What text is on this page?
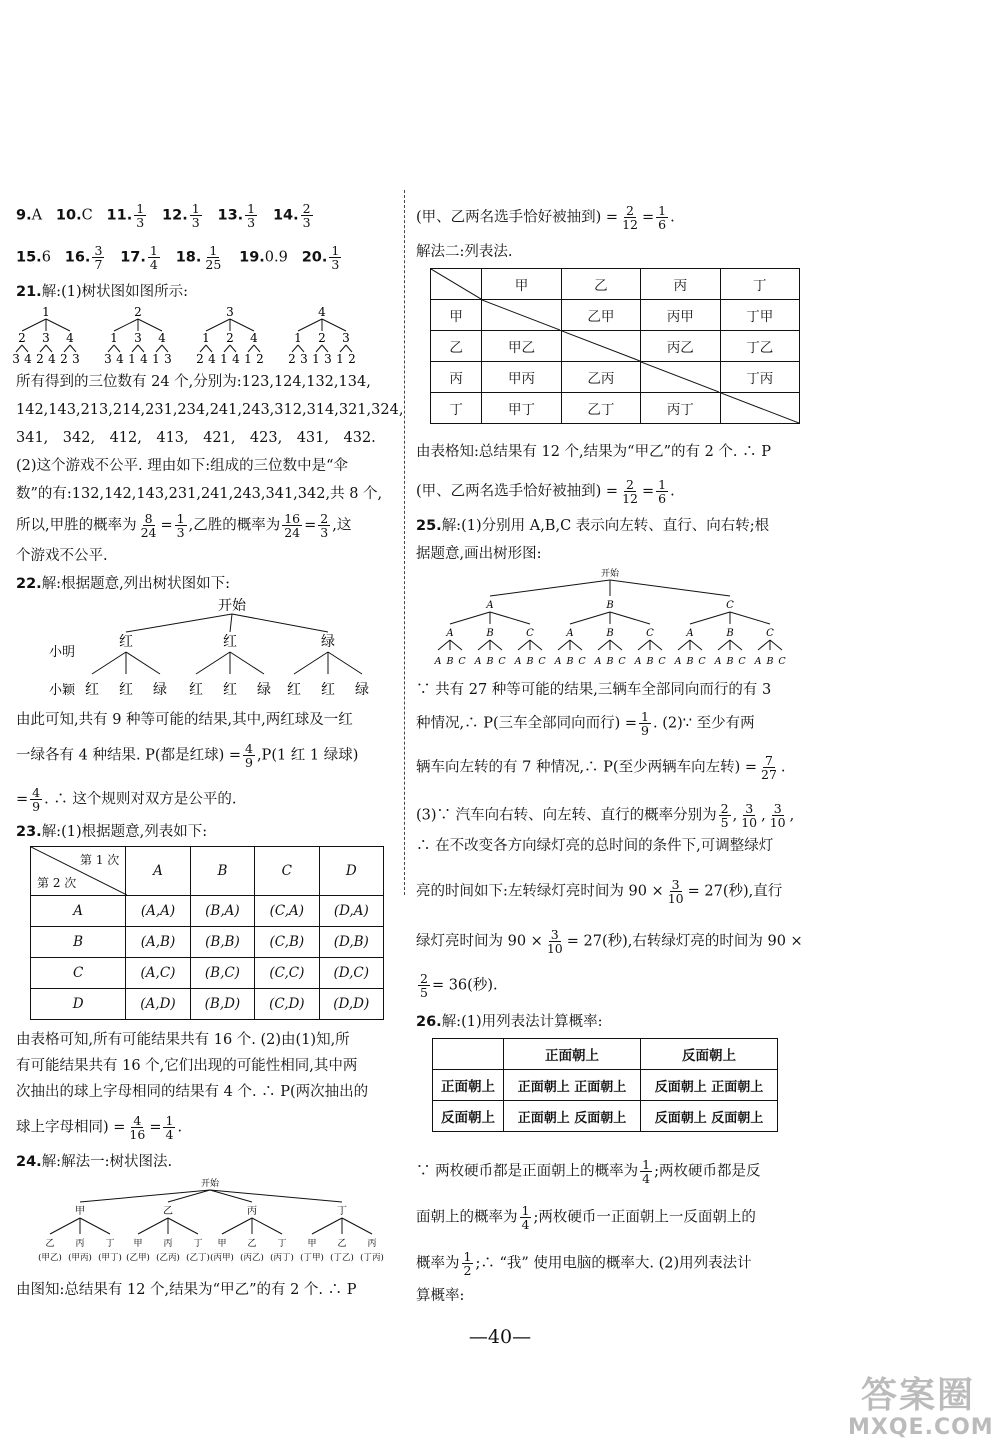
9.A 10.C 11. $\frac{1}{3} 12$. $\frac{1}{3} 13$. $\frac{1}{3} 14$. $\frac{2}{3}$
15.6 16. $\frac{3}{7} 17$. $\frac{1}{4} 18$. $\frac{1}{25} 19.0.9$ 20. $\frac{1}{3}$
21.解:(1)树状图如图所示:
1
2
3 4
3
2 4
4
2 3
2
1
3 4
3
1 4
4
1 3
3
1
2 4
2
1 4
4
1 2
4
1
2 3
2
1 3
3
1 2
所有得到的三位数有 24 个,分别为:123,124,132,134,
142,143,213,214,231,234,241,243,312,314,321,324,
341,　342,　412,　413,　421,　423,　431,　432.
(2)这个游戏不公平. 理由如下:组成的三位数中是“伞
数”的有:132,142,143,231,241,243,341,342,共 8 个,
所以,甲胜的概率为 $\frac{8}{24} = \frac{1}{3}$ ,乙胜的概率为 $\frac{16}{24} = \frac{2}{3}$ ,这
个游戏不公平.
22.解:根据题意,列出树状图如下:
开始
小明
小颖
红
红 红 绿
红
红 红 绿
绿
红 红 绿
由此可知,共有 9 种等可能的结果,其中,两红球及一红
一绿各有 4 种结果. P(都是红球) = $\frac{4}{9} ,P(1$ 红 1 绿球)
= $\frac{4}{9}$ . ∴ 这个规则对双方是公平的.
23.解:(1)根据题意,列表如下:
第 1 次
第 2 次	A	B	C	D
A	(A,A)	(B,A)	(C,A)	(D,A)
B	(A,B)	(B,B)	(C,B)	(D,B)
C	(A,C)	(B,C)	(C,C)	(D,C)
D	(A,D)	(B,D)	(C,D)	(D,D)
由表格可知,所有可能结果共有 16 个. (2)由(1)知,所
有可能结果共有 16 个,它们出现的可能性相同,其中两
次抽出的球上字母相同的结果有 4 个. ∴ P(两次抽出的
球上字母相同) = $\frac{4}{16} = \frac{1}{4}$ .
24.解:解法一:树状图法.
开始
甲
乙
(甲乙)
丙
(甲丙)
丁
(甲丁)
乙
甲
(乙甲)
丙
(乙丙)
丁
(乙丁)
丙
甲
(丙甲)
乙
(丙乙)
丁
(丙丁)
丁
甲
(丁甲)
乙
(丁乙)
丙
(丁丙)
由图知:总结果有 12 个,结果为“甲乙”的有 2 个. ∴ P
(甲、乙两名选手恰好被抽到) = $\frac{2}{12} = \frac{1}{6}$ .
解法二:列表法.
	甲	乙	丙	丁
甲		乙甲	丙甲	丁甲
乙	甲乙		丙乙	丁乙
丙	甲丙	乙丙		丁丙
丁	甲丁	乙丁	丙丁	
由表格知:总结果有 12 个,结果为“甲乙”的有 2 个. ∴ P
(甲、乙两名选手恰好被抽到) = $\frac{2}{12} = \frac{1}{6}$ .
25.解:(1)分别用 A,B,C 表示向左转、直行、向右转;根
据题意,画出树形图:
开始
A
A
A B C
B
A B C
C
A B C
B
A
A B C
B
A B C
C
A B C
C
A
A B C
B
A B C
C
A B C
∵ 共有 27 种等可能的结果,三辆车全部同向而行的有 3
种情况,∴ P(三车全部同向而行) = $\frac{1}{9}$ . (2)∵ 至少有两
辆车向左转的有 7 种情况,∴ P(至少两辆车向左转) = $\frac{7}{27}$ .
(3)∵ 汽车向右转、向左转、直行的概率分别为 $\frac{2}{5}$ , $\frac{3}{10}$ , $\frac{3}{10}$ ,
∴ 在不改变各方向绿灯亮的总时间的条件下,可调整绿灯
亮的时间如下:左转绿灯亮时间为 $90 \times \frac{3}{10} = 27$(秒),直行
绿灯亮时间为 $90 \times \frac{3}{10} = 27$(秒),右转绿灯亮的时间为 90 ×
$\frac{2}{5} = 36$(秒).
26.解:(1)用列表法计算概率:
	正面朝上	反面朝上
正面朝上	正面朝上 正面朝上	反面朝上 正面朝上
反面朝上	正面朝上 反面朝上	反面朝上 反面朝上
∵ 两枚硬币都是正面朝上的概率为 $\frac{1}{4}$ ;两枚硬币都是反
面朝上的概率为 $\frac{1}{4}$ ;两枚硬币一正面朝上一反面朝上的
概率为 $\frac{1}{2}$ ;∴ “我” 使用电脑的概率大. (2)用列表法计
算概率:
—40—
答案圈
MXQE.COM
